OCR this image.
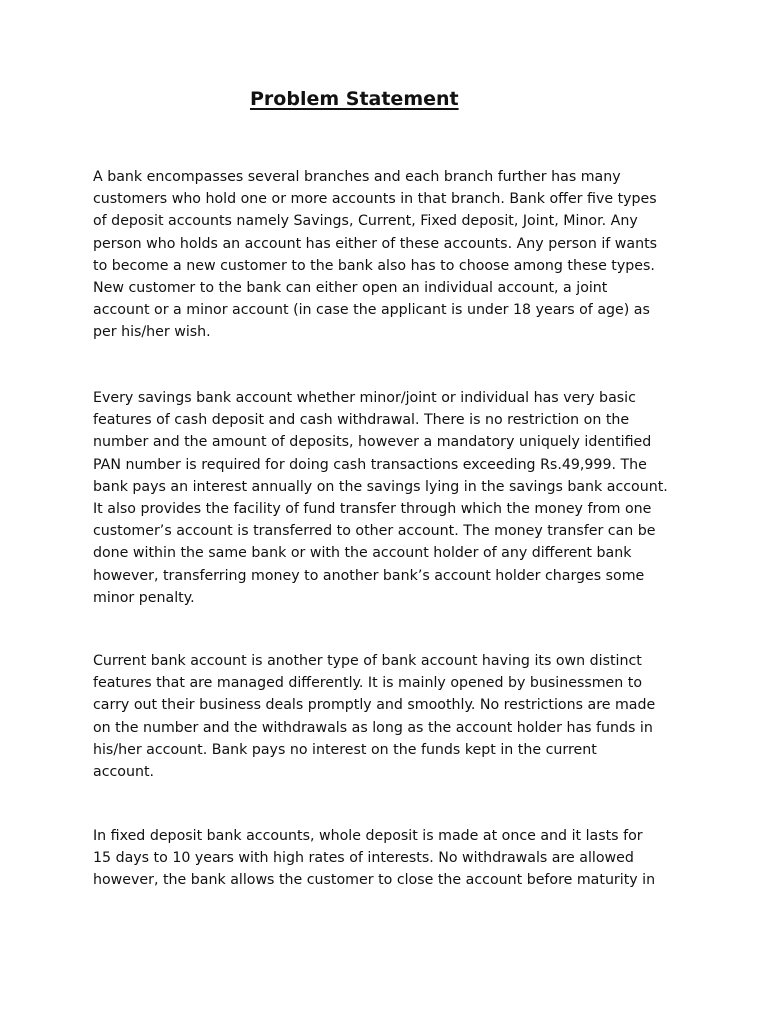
Problem Statement

A bank encompasses several branches and each branch further has many
customers who hold one or more accounts in that branch. Bank offer five types
of deposit accounts namely Savings, Current, Fixed deposit, Joint, Minor. Any
person who holds an account has either of these accounts. Any person if wants
to become a new customer to the bank also has to choose among these types.
New customer to the bank can either open an individual account, a joint
account or a minor account (in case the applicant is under 18 years of age) as
per his/her wish.

Every savings bank account whether minor/joint or individual has very basic
features of cash deposit and cash withdrawal. There is no restriction on the
number and the amount of deposits, however a mandatory uniquely identified
PAN number is required for doing cash transactions exceeding Rs.49,999. The
bank pays an interest annually on the savings lying in the savings bank account.
It also provides the facility of fund transfer through which the money from one
customer’s account is transferred to other account. The money transfer can be
done within the same bank or with the account holder of any different bank
however, transferring money to another bank’s account holder charges some
minor penalty.

Current bank account is another type of bank account having its own distinct
features that are managed differently. It is mainly opened by businessmen to
carry out their business deals promptly and smoothly. No restrictions are made
on the number and the withdrawals as long as the account holder has funds in
his/her account. Bank pays no interest on the funds kept in the current
account.

In fixed deposit bank accounts, whole deposit is made at once and it lasts for
15 days to 10 years with high rates of interests. No withdrawals are allowed
however, the bank allows the customer to close the account before maturity in
